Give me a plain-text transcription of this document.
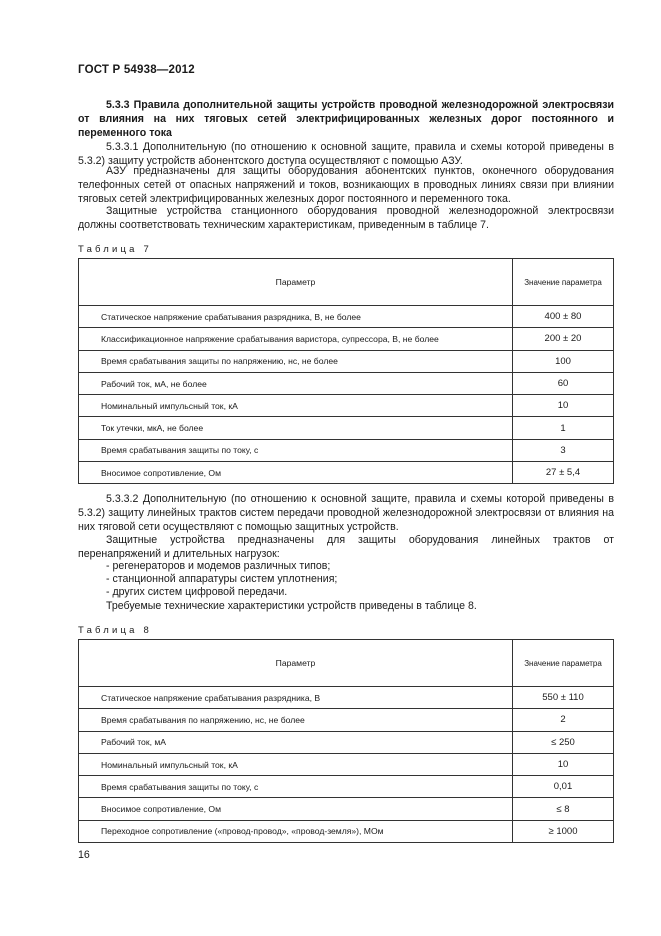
ГОСТ Р 54938—2012
5.3.3 Правила дополнительной защиты устройств проводной железнодорожной электросвязи от влияния на них тяговых сетей электрифицированных железных дорог постоянного и переменного тока
5.3.3.1 Дополнительную (по отношению к основной защите, правила и схемы которой приведены в 5.3.2) защиту устройств абонентского доступа осуществляют с помощью АЗУ.
АЗУ предназначены для защиты оборудования абонентских пунктов, оконечного оборудования телефонных сетей от опасных напряжений и токов, возникающих в проводных линиях связи при влиянии тяговых сетей электрифицированных железных дорог постоянного и переменного тока.
Защитные устройства станционного оборудования проводной железнодорожной электросвязи должны соответствовать техническим характеристикам, приведенным в таблице 7.
Таблица 7
Параметр	Значение параметра
Статическое напряжение срабатывания разрядника, В, не более	400 ± 80
Классификационное напряжение срабатывания варистора, супрессора, В, не более	200 ± 20
Время срабатывания защиты по напряжению, нс, не более	100
Рабочий ток, мА, не более	60
Номинальный импульсный ток, кА	10
Ток утечки, мкА, не более	1
Время срабатывания защиты по току, с	3
Вносимое сопротивление, Ом	27 ± 5,4
5.3.3.2 Дополнительную (по отношению к основной защите, правила и схемы которой приведены в 5.3.2) защиту линейных трактов систем передачи проводной железнодорожной электросвязи от влияния на них тяговой сети осуществляют с помощью защитных устройств.
Защитные устройства предназначены для защиты оборудования линейных трактов от перенапряжений и длительных нагрузок:
- регенераторов и модемов различных типов;
- станционной аппаратуры систем уплотнения;
- других систем цифровой передачи.
Требуемые технические характеристики устройств приведены в таблице 8.
Таблица 8
Параметр	Значение параметра
Статическое напряжение срабатывания разрядника, В	550 ± 110
Время срабатывания по напряжению, нс, не более	2
Рабочий ток, мА	≤ 250
Номинальный импульсный ток, кА	10
Время срабатывания защиты по току, с	0,01
Вносимое сопротивление, Ом	≤ 8
Переходное сопротивление («провод-провод», «провод-земля»), МОм	≥ 1000
16
